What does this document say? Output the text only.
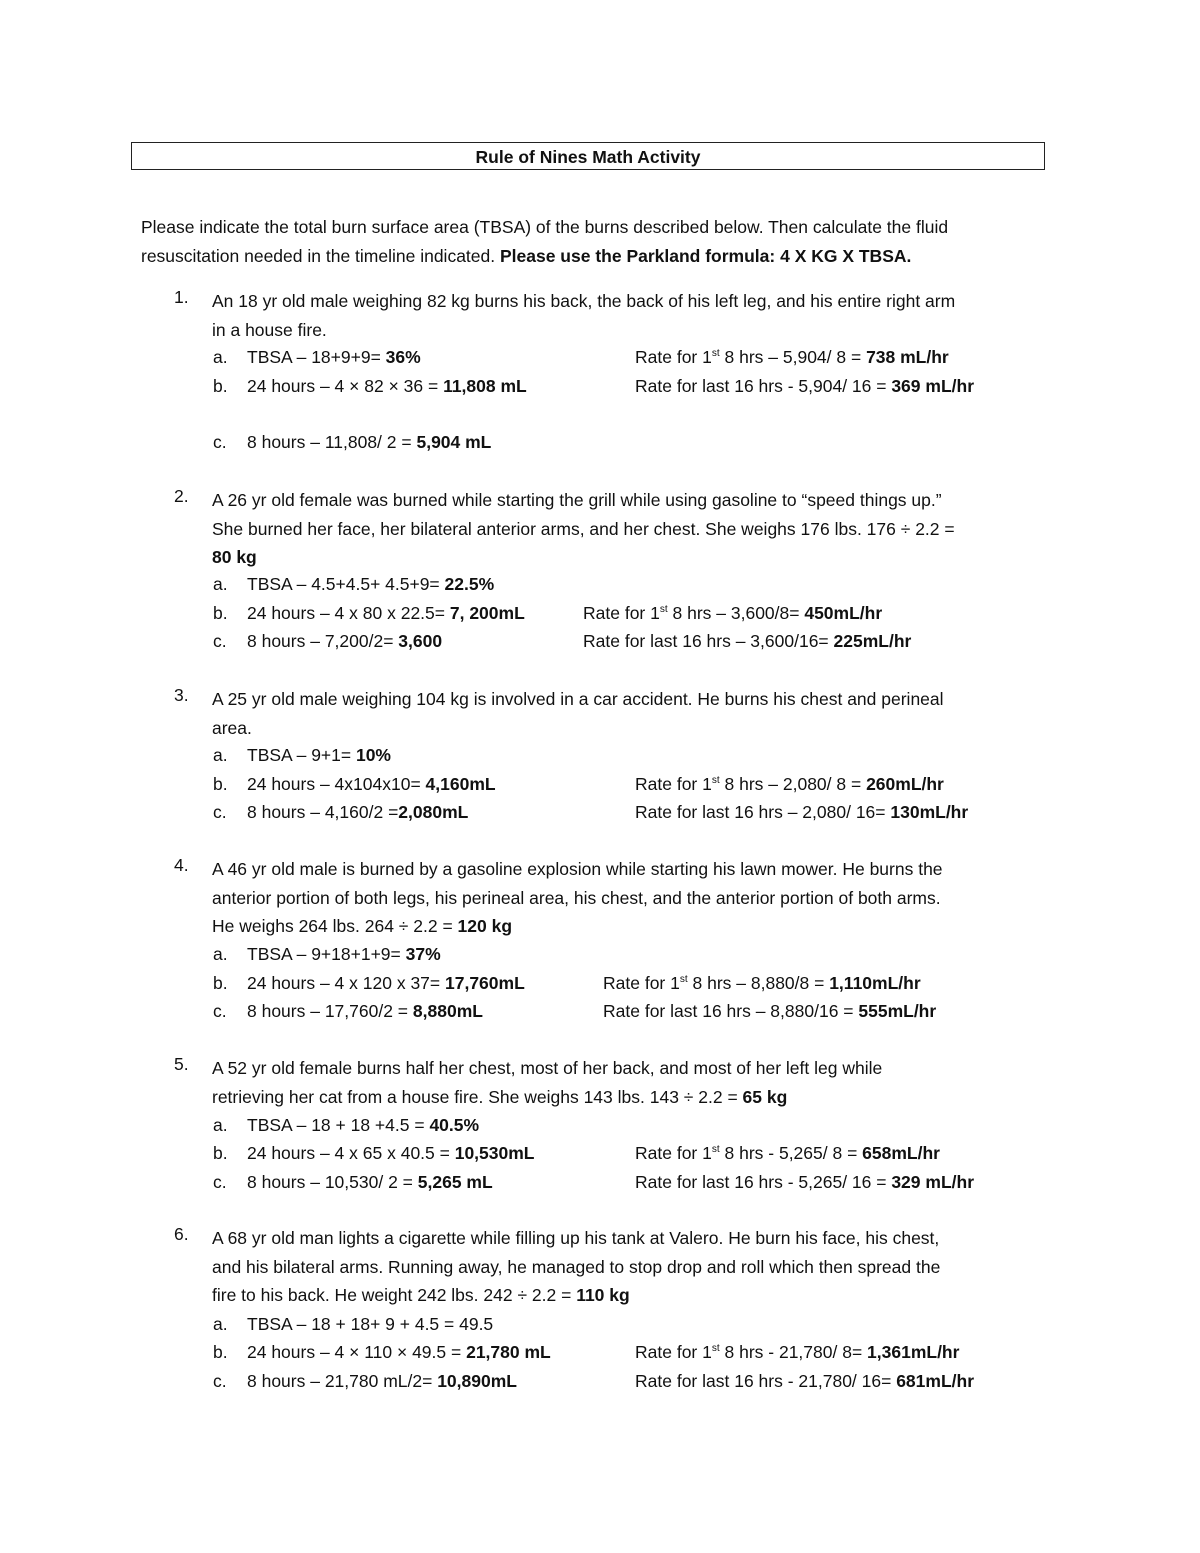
Rule of Nines Math Activity

Please indicate the total burn surface area (TBSA) of the burns described below. Then calculate the fluid

resuscitation needed in the timeline indicated. Please use the Parkland formula: 4 X KG X TBSA.

1. An 18 yr old male weighing 82 kg burns his back, the back of his left leg, and his entire right arm

in a house fire.

a. TBSA – 18+9+9= 36%	Rate for 1st 8 hrs – 5,904/ 8 = 738 mL/hr
b. 24 hours – 4 × 82 × 36 = 11,808 mL	Rate for last 16 hrs - 5,904/ 16 = 369 mL/hr
c. 8 hours – 11,808/ 2 = 5,904 mL
2. A 26 yr old female was burned while starting the grill while using gasoline to “speed things up.”

She burned her face, her bilateral anterior arms, and her chest. She weighs 176 lbs. 176 ÷ 2.2 =

80 kg

a. TBSA – 4.5+4.5+ 4.5+9= 22.5%
b. 24 hours – 4 x 80 x 22.5= 7, 200mL	Rate for 1st 8 hrs – 3,600/8= 450mL/hr
c. 8 hours – 7,200/2= 3,600	Rate for last 16 hrs – 3,600/16= 225mL/hr
3. A 25 yr old male weighing 104 kg is involved in a car accident. He burns his chest and perineal

area.

a. TBSA – 9+1= 10%
b. 24 hours – 4x104x10= 4,160mL	Rate for 1st 8 hrs – 2,080/ 8 = 260mL/hr
c. 8 hours – 4,160/2 =2,080mL	Rate for last 16 hrs – 2,080/ 16= 130mL/hr
4. A 46 yr old male is burned by a gasoline explosion while starting his lawn mower. He burns the

anterior portion of both legs, his perineal area, his chest, and the anterior portion of both arms.

He weighs 264 lbs. 264 ÷ 2.2 = 120 kg

a. TBSA – 9+18+1+9= 37%
b. 24 hours – 4 x 120 x 37= 17,760mL	Rate for 1st 8 hrs – 8,880/8 = 1,110mL/hr
c. 8 hours – 17,760/2 = 8,880mL	Rate for last 16 hrs – 8,880/16 = 555mL/hr
5. A 52 yr old female burns half her chest, most of her back, and most of her left leg while

retrieving her cat from a house fire. She weighs 143 lbs. 143 ÷ 2.2 = 65 kg

a. TBSA – 18 + 18 +4.5 = 40.5%
b. 24 hours – 4 x 65 x 40.5 = 10,530mL	Rate for 1st 8 hrs - 5,265/ 8 = 658mL/hr
c. 8 hours – 10,530/ 2 = 5,265 mL	Rate for last 16 hrs - 5,265/ 16 = 329 mL/hr
6. A 68 yr old man lights a cigarette while filling up his tank at Valero. He burn his face, his chest,

and his bilateral arms. Running away, he managed to stop drop and roll which then spread the

fire to his back. He weight 242 lbs. 242 ÷ 2.2 = 110 kg

a. TBSA – 18 + 18+ 9 + 4.5 = 49.5
b. 24 hours – 4 × 110 × 49.5 = 21,780 mL	Rate for 1st 8 hrs - 21,780/ 8= 1,361mL/hr
c. 8 hours – 21,780 mL/2= 10,890mL	Rate for last 16 hrs - 21,780/ 16= 681mL/hr
